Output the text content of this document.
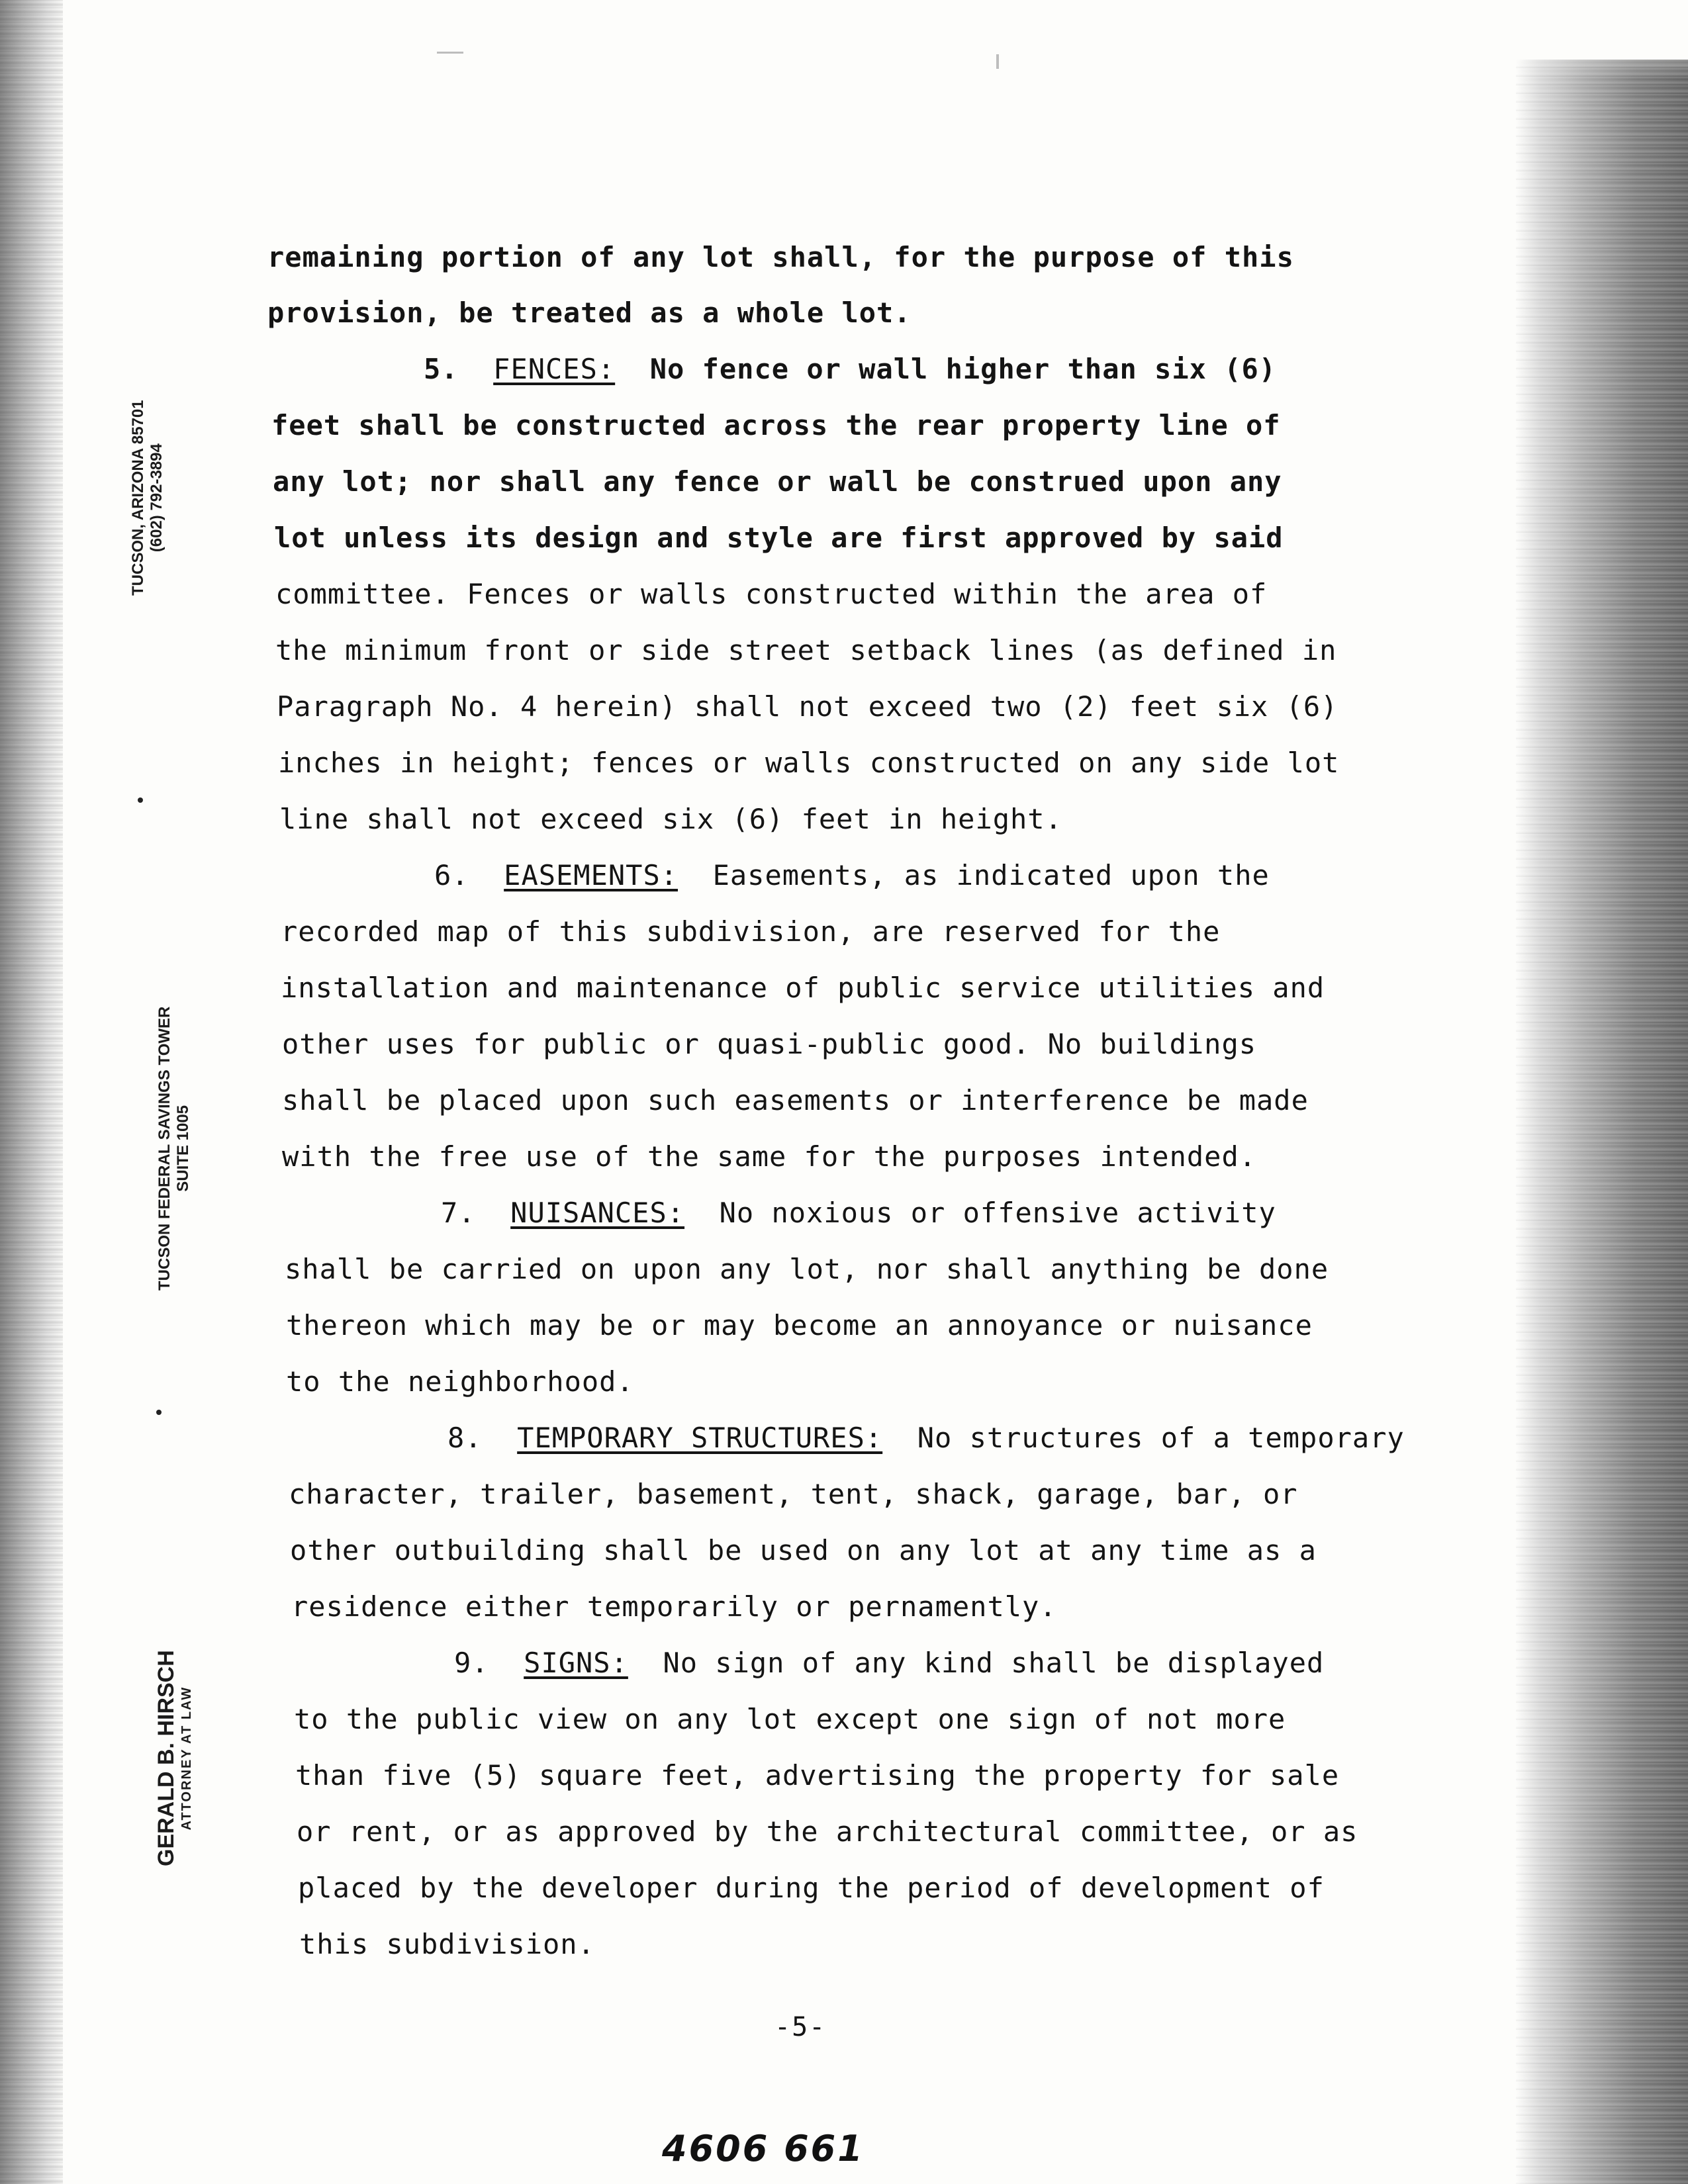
TUCSON, ARIZONA 85701 (602) 792-3894
TUCSON FEDERAL SAVINGS TOWER SUITE 1005
GERALD B. HIRSCH ATTORNEY AT LAW
remaining portion of any lot shall, for the purpose of this
provision, be treated as a whole lot.
5. FENCES: No fence or wall higher than six (6)
feet shall be constructed across the rear property line of
any lot; nor shall any fence or wall be construed upon any
lot unless its design and style are first approved by said
committee. Fences or walls constructed within the area of
the minimum front or side street setback lines (as defined in
Paragraph No. 4 herein) shall not exceed two (2) feet six (6)
inches in height; fences or walls constructed on any side lot
line shall not exceed six (6) feet in height.
6. EASEMENTS: Easements, as indicated upon the
recorded map of this subdivision, are reserved for the
installation and maintenance of public service utilities and
other uses for public or quasi-public good. No buildings
shall be placed upon such easements or interference be made
with the free use of the same for the purposes intended.
7. NUISANCES: No noxious or offensive activity
shall be carried on upon any lot, nor shall anything be done
thereon which may be or may become an annoyance or nuisance
to the neighborhood.
8. TEMPORARY STRUCTURES: No structures of a temporary
character, trailer, basement, tent, shack, garage, bar, or
other outbuilding shall be used on any lot at any time as a
residence either temporarily or pernamently.
9. SIGNS: No sign of any kind shall be displayed
to the public view on any lot except one sign of not more
than five (5) square feet, advertising the property for sale
or rent, or as approved by the architectural committee, or as
placed by the developer during the period of development of
this subdivision.
-5-
4606 661
